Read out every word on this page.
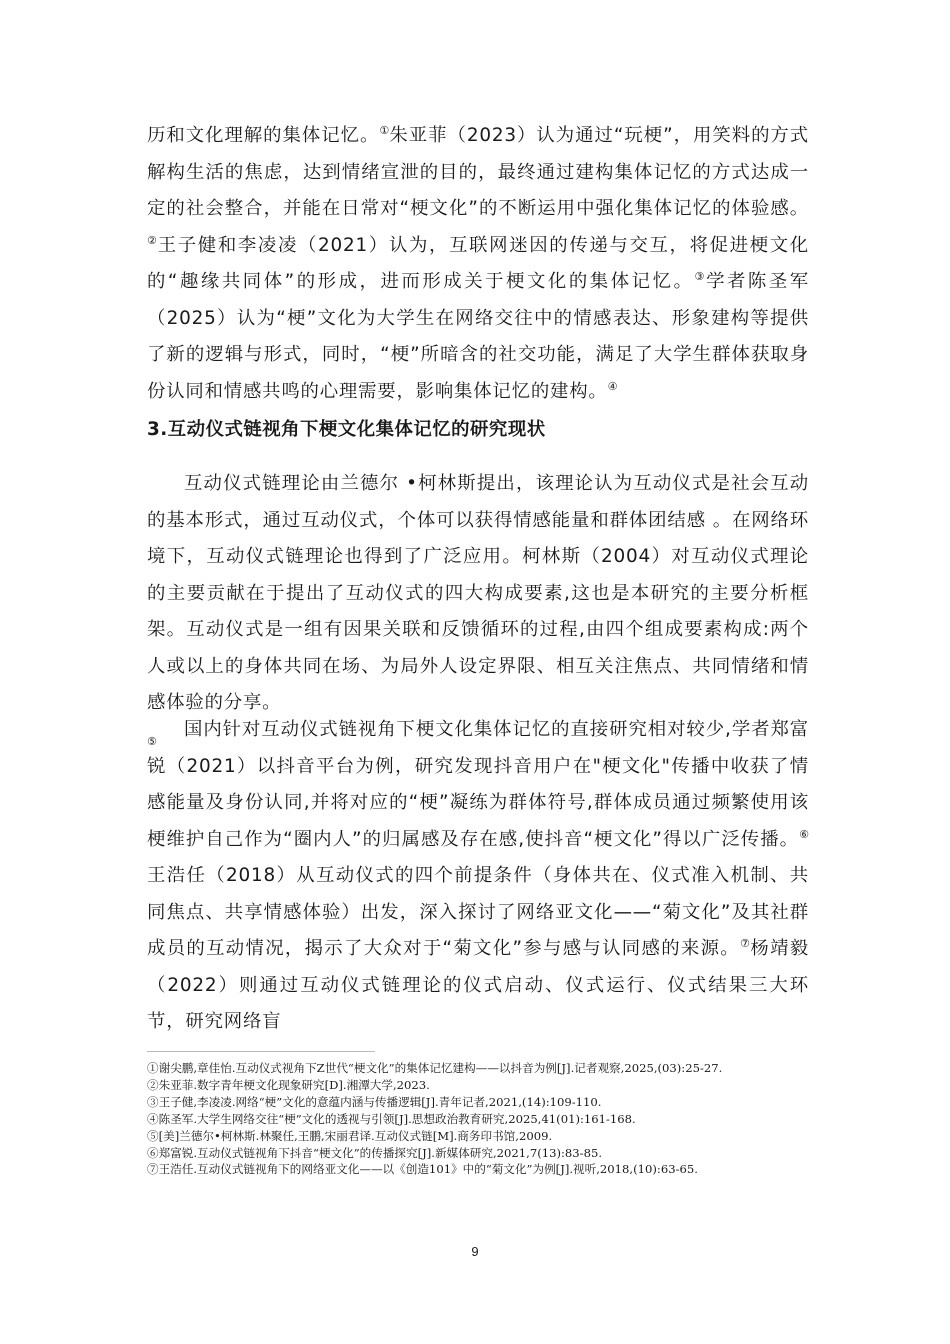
历和文化理解的集体记忆。①朱亚菲（2023）认为通过“玩梗”，用笑料的方式解构生活的焦虑，达到情绪宣泄的目的，最终通过建构集体记忆的方式达成一定的社会整合，并能在日常对“梗文化”的不断运用中强化集体记忆的体验感。②王子健和李凌凌（2021）认为，互联网迷因的传递与交互，将促进梗文化的“趣缘共同体”的形成，进而形成关于梗文化的集体记忆。③学者陈圣军（2025）认为“梗”文化为大学生在网络交往中的情感表达、形象建构等提供了新的逻辑与形式，同时，“梗”所暗含的社交功能，满足了大学生群体获取身份认同和情感共鸣的心理需要，影响集体记忆的建构。④

3.互动仪式链视角下梗文化集体记忆的研究现状

互动仪式链理论由兰德尔 •柯林斯提出，该理论认为互动仪式是社会互动的基本形式，通过互动仪式，个体可以获得情感能量和群体团结感 。在网络环境下，互动仪式链理论也得到了广泛应用。柯林斯（2004）对互动仪式理论的主要贡献在于提出了互动仪式的四大构成要素,这也是本研究的主要分析框架。互动仪式是一组有因果关联和反馈循环的过程,由四个组成要素构成:两个人或以上的身体共同在场、为局外人设定界限、相互关注焦点、共同情绪和情感体验的分享。
⑤

国内针对互动仪式链视角下梗文化集体记忆的直接研究相对较少,学者郑富锐（2021）以抖音平台为例，研究发现抖音用户在"梗文化"传播中收获了情感能量及身份认同,并将对应的“梗”凝练为群体符号,群体成员通过频繁使用该梗维护自己作为“圈内人”的归属感及存在感,使抖音“梗文化”得以广泛传播。⑥王浩任（2018）从互动仪式的四个前提条件（身体共在、仪式准入机制、共同焦点、共享情感体验）出发，深入探讨了网络亚文化——“菊文化”及其社群成员的互动情况，揭示了大众对于“菊文化”参与感与认同感的来源。⑦杨靖毅（2022）则通过互动仪式链理论的仪式启动、仪式运行、仪式结果三大环节，研究网络盲

①谢尖鹏,章佳怡.互动仪式视角下Z世代“梗文化”的集体记忆建构——以抖音为例[J].记者观察,2025,(03):25-27.
②朱亚菲.数字青年梗文化现象研究[D].湘潭大学,2023.
③王子健,李凌凌.网络“梗”文化的意蕴内涵与传播逻辑[J].青年记者,2021,(14):109-110.
④陈圣军.大学生网络交往“梗”文化的透视与引领[J].思想政治教育研究,2025,41(01):161-168.
⑤[美]兰德尔•柯林斯.林聚任,王鹏,宋丽君译.互动仪式链[M].商务印书馆,2009.
⑥郑富锐.互动仪式链视角下抖音“梗文化”的传播探究[J].新媒体研究,2021,7(13):83-85.
⑦王浩任.互动仪式链视角下的网络亚文化——以《创造101》中的“菊文化”为例[J].视听,2018,(10):63-65.
9
